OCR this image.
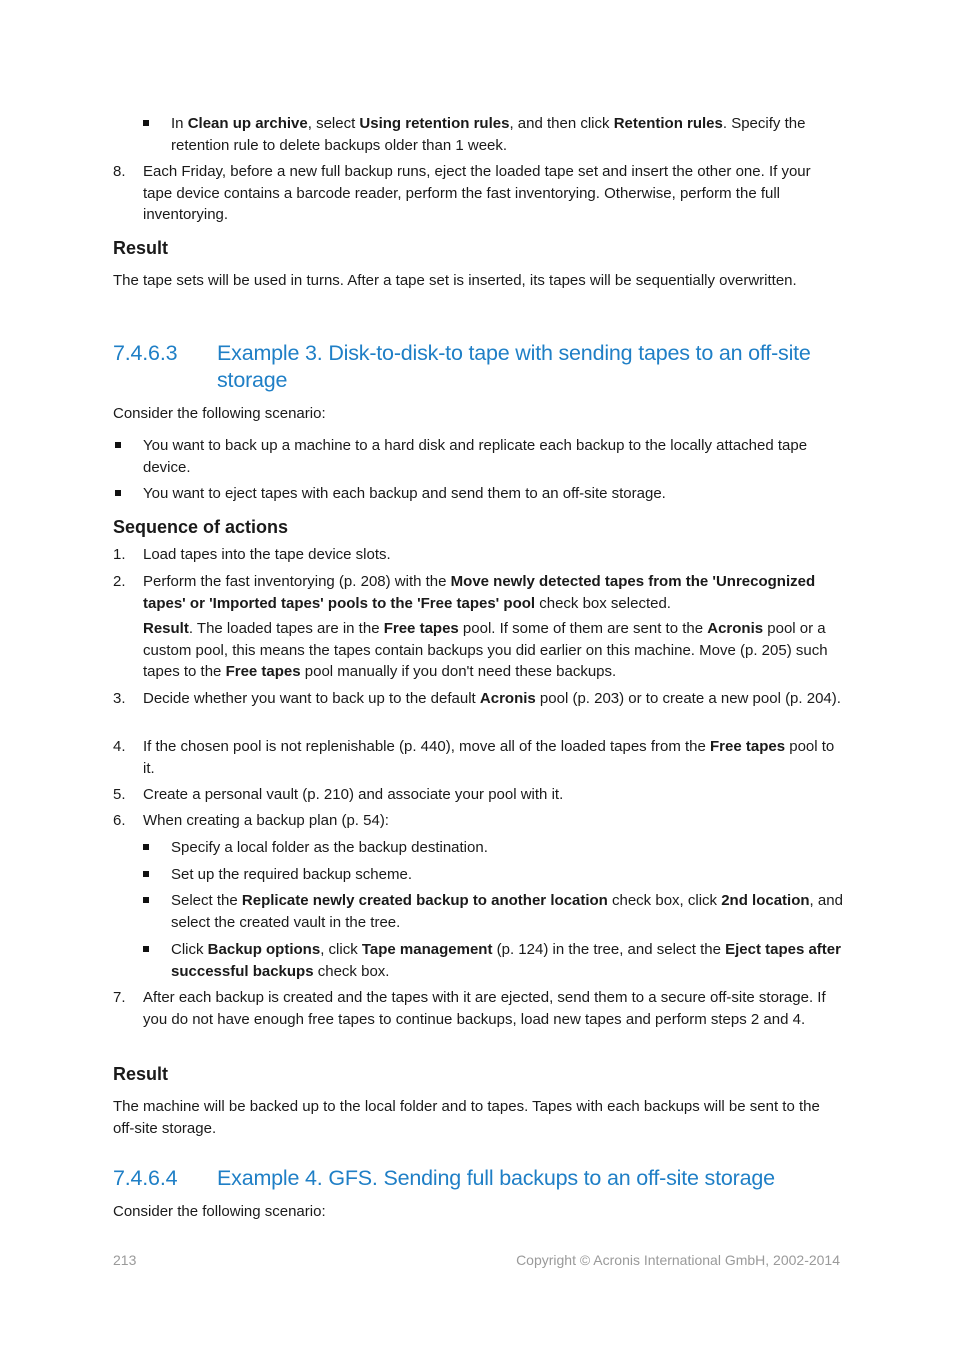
In Clean up archive, select Using retention rules, and then click Retention rules. Specify the retention rule to delete backups older than 1 week.
8. Each Friday, before a new full backup runs, eject the loaded tape set and insert the other one. If your tape device contains a barcode reader, perform the fast inventorying. Otherwise, perform the full inventorying.
Result
The tape sets will be used in turns. After a tape set is inserted, its tapes will be sequentially overwritten.
7.4.6.3 Example 3. Disk-to-disk-to tape with sending tapes to an off-site storage
Consider the following scenario:
You want to back up a machine to a hard disk and replicate each backup to the locally attached tape device.
You want to eject tapes with each backup and send them to an off-site storage.
Sequence of actions
1. Load tapes into the tape device slots.
2. Perform the fast inventorying (p. 208) with the Move newly detected tapes from the 'Unrecognized tapes' or 'Imported tapes' pools to the 'Free tapes' pool check box selected.
Result. The loaded tapes are in the Free tapes pool. If some of them are sent to the Acronis pool or a custom pool, this means the tapes contain backups you did earlier on this machine. Move (p. 205) such tapes to the Free tapes pool manually if you don't need these backups.
3. Decide whether you want to back up to the default Acronis pool (p. 203) or to create a new pool (p. 204).
4. If the chosen pool is not replenishable (p. 440), move all of the loaded tapes from the Free tapes pool to it.
5. Create a personal vault (p. 210) and associate your pool with it.
6. When creating a backup plan (p. 54):
Specify a local folder as the backup destination.
Set up the required backup scheme.
Select the Replicate newly created backup to another location check box, click 2nd location, and select the created vault in the tree.
Click Backup options, click Tape management (p. 124) in the tree, and select the Eject tapes after successful backups check box.
7. After each backup is created and the tapes with it are ejected, send them to a secure off-site storage. If you do not have enough free tapes to continue backups, load new tapes and perform steps 2 and 4.
Result
The machine will be backed up to the local folder and to tapes. Tapes with each backups will be sent to the off-site storage.
7.4.6.4 Example 4. GFS. Sending full backups to an off-site storage
Consider the following scenario:
213	Copyright © Acronis International GmbH, 2002-2014
